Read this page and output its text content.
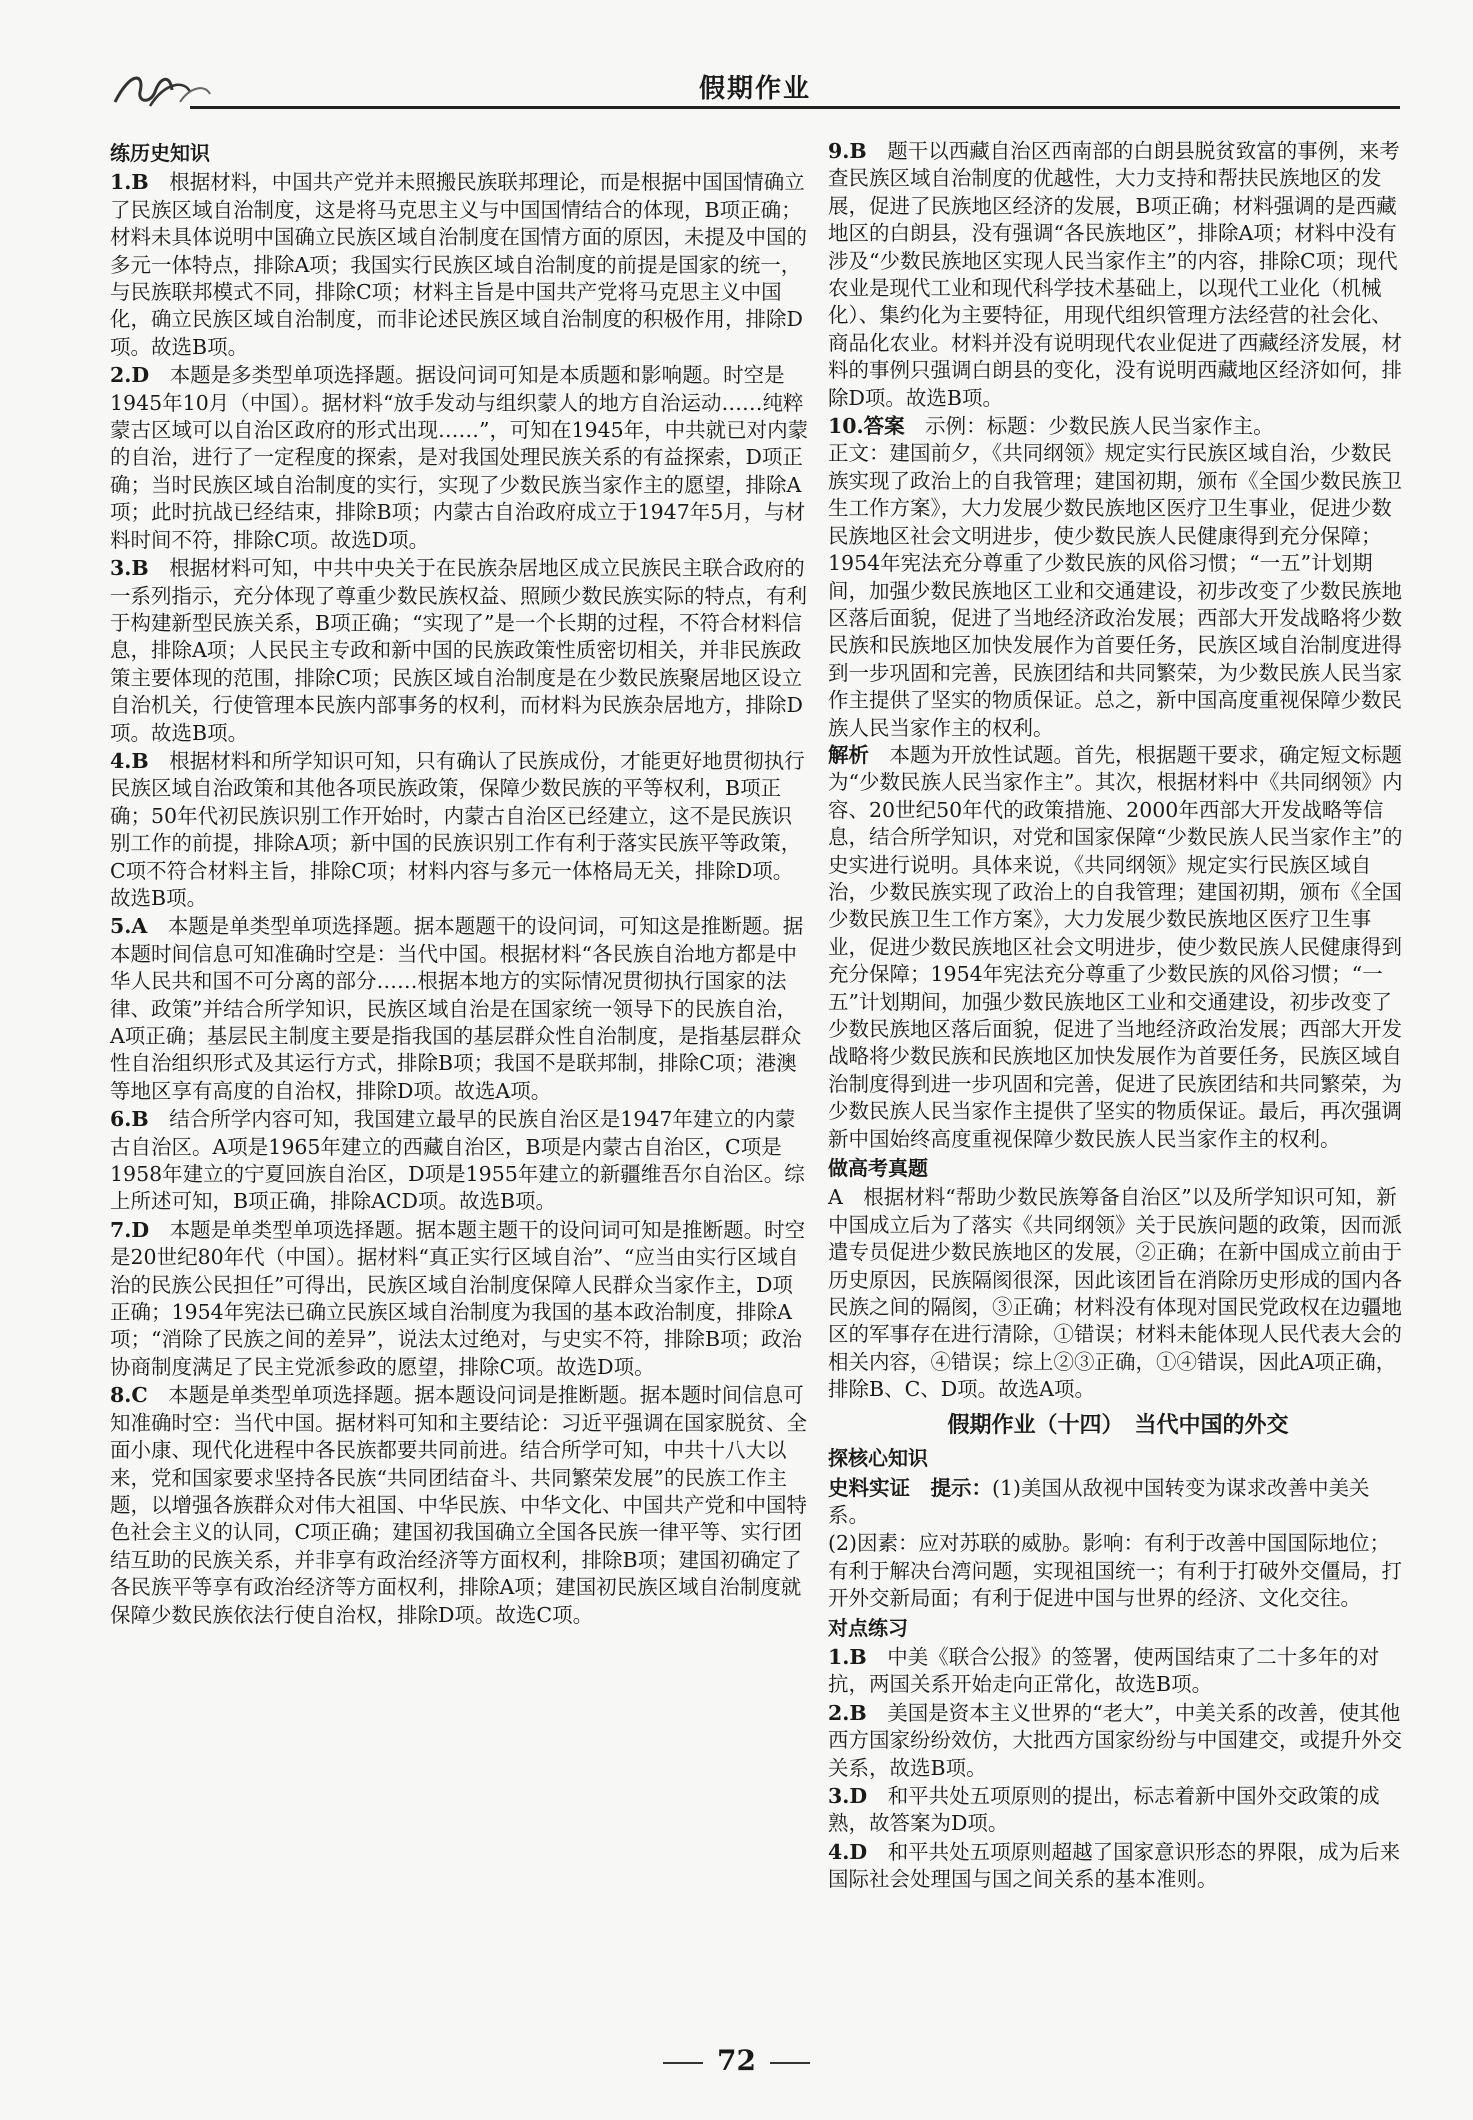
假期作业
练历史知识
1.B　 根据材料，中国共产党并未照搬民族联邦理论，而是根据中国国情确立了民族区域自治制度，这是将马克思主义与中国国情结合的体现，B项正确；材料未具体说明中国确立民族区域自治制度在国情方面的原因，未提及中国的多元一体特点，排除A项；我国实行民族区域自治制度的前提是国家的统一，与民族联邦模式不同，排除C项；材料主旨是中国共产党将马克思主义中国化，确立民族区域自治制度，而非论述民族区域自治制度的积极作用，排除D项。故选B项。
2.D　 本题是多类型单项选择题。据设问词可知是本质题和影响题。时空是1945年10月（中国）。据材料“放手发动与组织蒙人的地方自治运动……纯粹蒙古区域可以自治区政府的形式出现……”，可知在1945年，中共就已对内蒙的自治，进行了一定程度的探索，是对我国处理民族关系的有益探索，D项正确；当时民族区域自治制度的实行，实现了少数民族当家作主的愿望，排除A项；此时抗战已经结束，排除B项；内蒙古自治政府成立于1947年5月，与材料时间不符，排除C项。故选D项。
3.B　 根据材料可知，中共中央关于在民族杂居地区成立民族民主联合政府的一系列指示，充分体现了尊重少数民族权益、照顾少数民族实际的特点，有利于构建新型民族关系，B项正确；“实现了”是一个长期的过程，不符合材料信息，排除A项；人民民主专政和新中国的民族政策性质密切相关，并非民族政策主要体现的范围，排除C项；民族区域自治制度是在少数民族聚居地区设立自治机关，行使管理本民族内部事务的权利，而材料为民族杂居地方，排除D项。故选B项。
4.B　 根据材料和所学知识可知，只有确认了民族成份，才能更好地贯彻执行民族区域自治政策和其他各项民族政策，保障少数民族的平等权利，B项正确；50年代初民族识别工作开始时，内蒙古自治区已经建立，这不是民族识别工作的前提，排除A项；新中国的民族识别工作有利于落实民族平等政策，C项不符合材料主旨，排除C项；材料内容与多元一体格局无关，排除D项。故选B项。
5.A　 本题是单类型单项选择题。据本题题干的设问词，可知这是推断题。据本题时间信息可知准确时空是：当代中国。根据材料“各民族自治地方都是中华人民共和国不可分离的部分……根据本地方的实际情况贯彻执行国家的法律、政策”并结合所学知识，民族区域自治是在国家统一领导下的民族自治，A项正确；基层民主制度主要是指我国的基层群众性自治制度，是指基层群众性自治组织形式及其运行方式，排除B项；我国不是联邦制，排除C项；港澳等地区享有高度的自治权，排除D项。故选A项。
6.B　 结合所学内容可知，我国建立最早的民族自治区是1947年建立的内蒙古自治区。A项是1965年建立的西藏自治区，B项是内蒙古自治区，C项是1958年建立的宁夏回族自治区，D项是1955年建立的新疆维吾尔自治区。综上所述可知，B项正确，排除ACD项。故选B项。
7.D　 本题是单类型单项选择题。据本题主题干的设问词可知是推断题。时空是20世纪80年代（中国）。据材料“真正实行区域自治”、“应当由实行区域自治的民族公民担任”可得出，民族区域自治制度保障人民群众当家作主，D项正确；1954年宪法已确立民族区域自治制度为我国的基本政治制度，排除A项；“消除了民族之间的差异”，说法太过绝对，与史实不符，排除B项；政治协商制度满足了民主党派参政的愿望，排除C项。故选D项。
8.C　 本题是单类型单项选择题。据本题设问词是推断题。据本题时间信息可知准确时空：当代中国。据材料可知和主要结论：习近平强调在国家脱贫、全面小康、现代化进程中各民族都要共同前进。结合所学可知，中共十八大以来，党和国家要求坚持各民族“共同团结奋斗、共同繁荣发展”的民族工作主题，以增强各族群众对伟大祖国、中华民族、中华文化、中国共产党和中国特色社会主义的认同，C项正确；建国初我国确立全国各民族一律平等、实行团结互助的民族关系，并非享有政治经济等方面权利，排除B项；建国初确定了各民族平等享有政治经济等方面权利，排除A项；建国初民族区域自治制度就保障少数民族依法行使自治权，排除D项。故选C项。
9.B　 题干以西藏自治区西南部的白朗县脱贫致富的事例，来考查民族区域自治制度的优越性，大力支持和帮扶民族地区的发展，促进了民族地区经济的发展，B项正确；材料强调的是西藏地区的白朗县，没有强调“各民族地区”，排除A项；材料中没有涉及“少数民族地区实现人民当家作主”的内容，排除C项；现代农业是现代工业和现代科学技术基础上，以现代工业化（机械化）、集约化为主要特征，用现代组织管理方法经营的社会化、商品化农业。材料并没有说明现代农业促进了西藏经济发展，材料的事例只强调白朗县的变化，没有说明西藏地区经济如何，排除D项。故选B项。
10.答案　 示例：标题：少数民族人民当家作主。
正文：建国前夕，《共同纲领》规定实行民族区域自治，少数民族实现了政治上的自我管理；建国初期，颁布《全国少数民族卫生工作方案》，大力发展少数民族地区医疗卫生事业，促进少数民族地区社会文明进步，使少数民族人民健康得到充分保障；1954年宪法充分尊重了少数民族的风俗习惯；“一五”计划期间，加强少数民族地区工业和交通建设，初步改变了少数民族地区落后面貌，促进了当地经济政治发展；西部大开发战略将少数民族和民族地区加快发展作为首要任务，民族区域自治制度进得到一步巩固和完善，民族团结和共同繁荣，为少数民族人民当家作主提供了坚实的物质保证。总之，新中国高度重视保障少数民族人民当家作主的权利。
解析　 本题为开放性试题。首先，根据题干要求，确定短文标题为“少数民族人民当家作主”。其次，根据材料中《共同纲领》内容、20世纪50年代的政策措施、2000年西部大开发战略等信息，结合所学知识，对党和国家保障“少数民族人民当家作主”的史实进行说明。具体来说，《共同纲领》规定实行民族区域自治，少数民族实现了政治上的自我管理；建国初期，颁布《全国少数民族卫生工作方案》，大力发展少数民族地区医疗卫生事业，促进少数民族地区社会文明进步，使少数民族人民健康得到充分保障；1954年宪法充分尊重了少数民族的风俗习惯；“一五”计划期间，加强少数民族地区工业和交通建设，初步改变了少数民族地区落后面貌，促进了当地经济政治发展；西部大开发战略将少数民族和民族地区加快发展作为首要任务，民族区域自治制度得到进一步巩固和完善，促进了民族团结和共同繁荣，为少数民族人民当家作主提供了坚实的物质保证。最后，再次强调新中国始终高度重视保障少数民族人民当家作主的权利。
做高考真题
A　根据材料“帮助少数民族筹备自治区”以及所学知识可知，新中国成立后为了落实《共同纲领》关于民族问题的政策，因而派遣专员促进少数民族地区的发展，②正确；在新中国成立前由于历史原因，民族隔阂很深，因此该团旨在消除历史形成的国内各民族之间的隔阂，③正确；材料没有体现对国民党政权在边疆地区的军事存在进行清除，①错误；材料未能体现人民代表大会的相关内容，④错误；综上②③正确，①④错误，因此A项正确，排除B、C、D项。故选A项。
假期作业（十四）　当代中国的外交
探核心知识
史料实证　 提示：(1)美国从敌视中国转变为谋求改善中美关系。
(2)因素：应对苏联的威胁。影响：有利于改善中国国际地位；有利于解决台湾问题，实现祖国统一；有利于打破外交僵局，打开外交新局面；有利于促进中国与世界的经济、文化交往。
对点练习
1.B　 中美《联合公报》的签署，使两国结束了二十多年的对抗，两国关系开始走向正常化，故选B项。
2.B　 美国是资本主义世界的“老大”，中美关系的改善，使其他西方国家纷纷效仿，大批西方国家纷纷与中国建交，或提升外交关系，故选B项。
3.D　 和平共处五项原则的提出，标志着新中国外交政策的成熟，故答案为D项。
4.D　 和平共处五项原则超越了国家意识形态的界限，成为后来国际社会处理国与国之间关系的基本准则。
72
